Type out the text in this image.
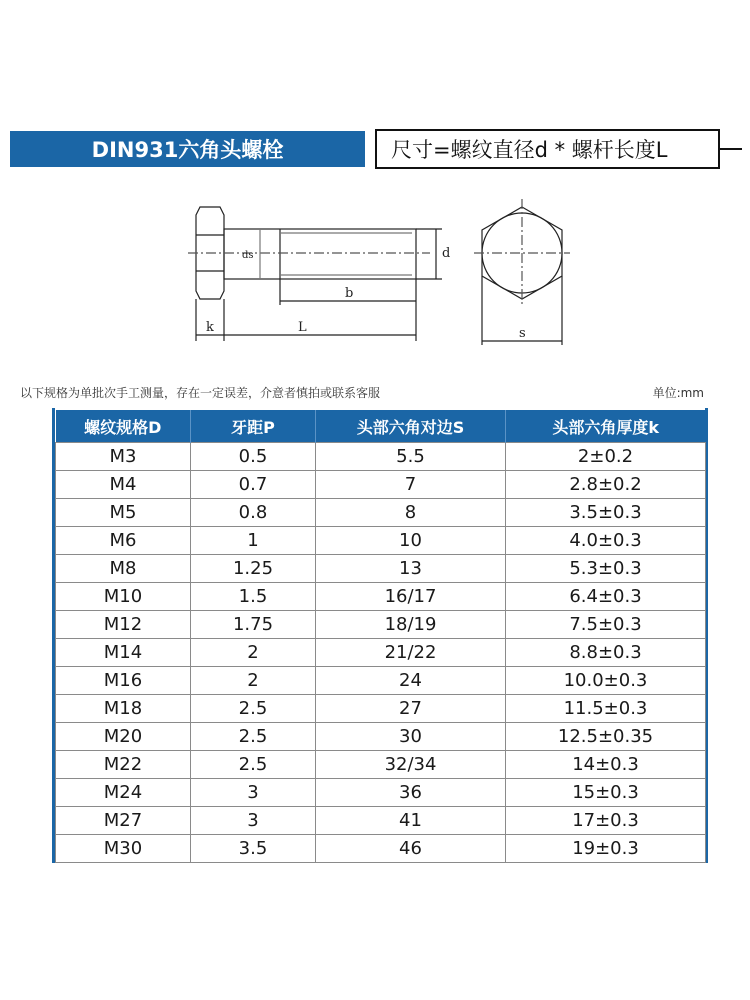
DIN931六角头螺栓	尺寸=螺纹直径d * 螺杆长度L
k	L
b
d
ds
s
以下规格为单批次手工测量，存在一定误差，介意者慎拍或联系客服	单位:mm
螺纹规格D	牙距P	头部六角对边S	头部六角厚度k
M3	0.5	5.5	2±0.2
M4	0.7	7	2.8±0.2
M5	0.8	8	3.5±0.3
M6	1	10	4.0±0.3
M8	1.25	13	5.3±0.3
M10	1.5	16/17	6.4±0.3
M12	1.75	18/19	7.5±0.3
M14	2	21/22	8.8±0.3
M16	2	24	10.0±0.3
M18	2.5	27	11.5±0.3
M20	2.5	30	12.5±0.35
M22	2.5	32/34	14±0.3
M24	3	36	15±0.3
M27	3	41	17±0.3
M30	3.5	46	19±0.3
